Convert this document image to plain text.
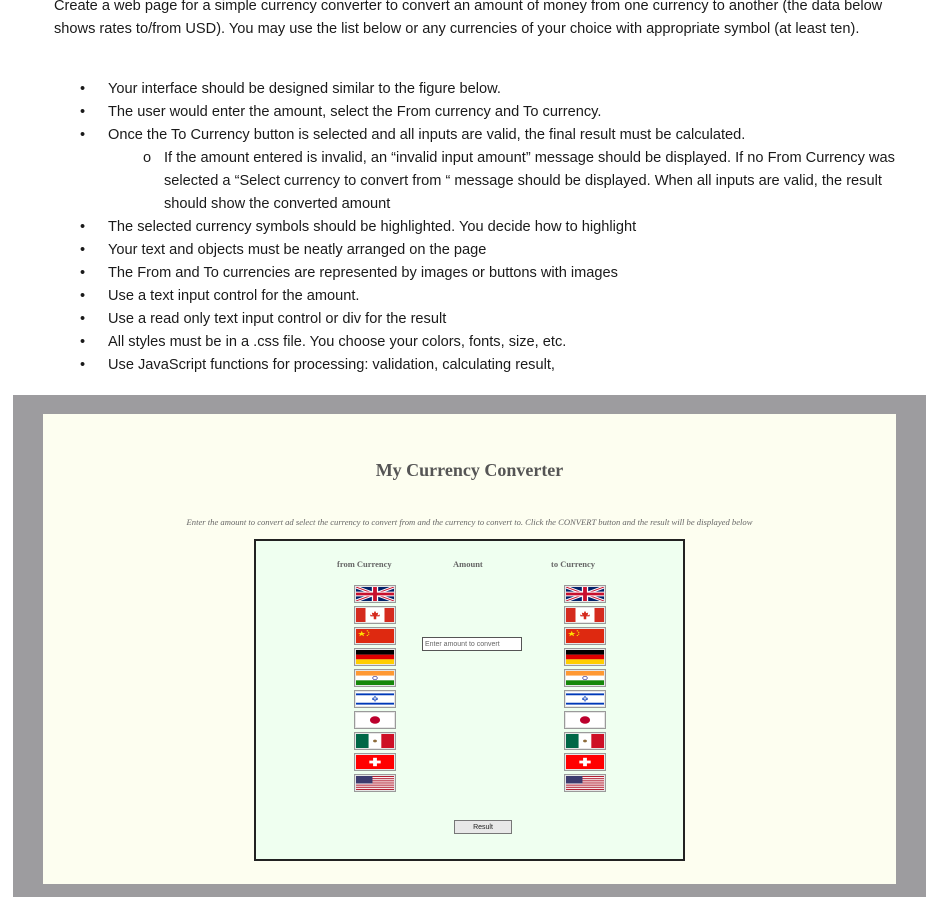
Create a web page for a simple currency converter to convert an amount of money from one currency to another (the data below shows rates to/from USD). You may use the list below or any currencies of your choice with appropriate symbol (at least ten).

• Your interface should be designed similar to the figure below.
• The user would enter the amount, select the From currency and To currency.
• Once the To Currency button is selected and all inputs are valid, the final result must be calculated.
o If the amount entered is invalid, an “invalid input amount” message should be displayed. If no From Currency was selected a “Select currency to convert from “ message should be displayed. When all inputs are valid, the result should show the converted amount
• The selected currency symbols should be highlighted. You decide how to highlight
• Your text and objects must be neatly arranged on the page
• The From and To currencies are represented by images or buttons with images
• Use a text input control for the amount.
• Use a read only text input control or div for the result
• All styles must be in a .css file. You choose your colors, fonts, size, etc.
• Use JavaScript functions for processing: validation, calculating result,
My Currency Converter
Enter the amount to convert ad select the currency to convert from and the currency to convert to. Click the CONVERT button and the result will be displayed below
from Currency	Amount	to Currency
Enter amount to convert
Result
